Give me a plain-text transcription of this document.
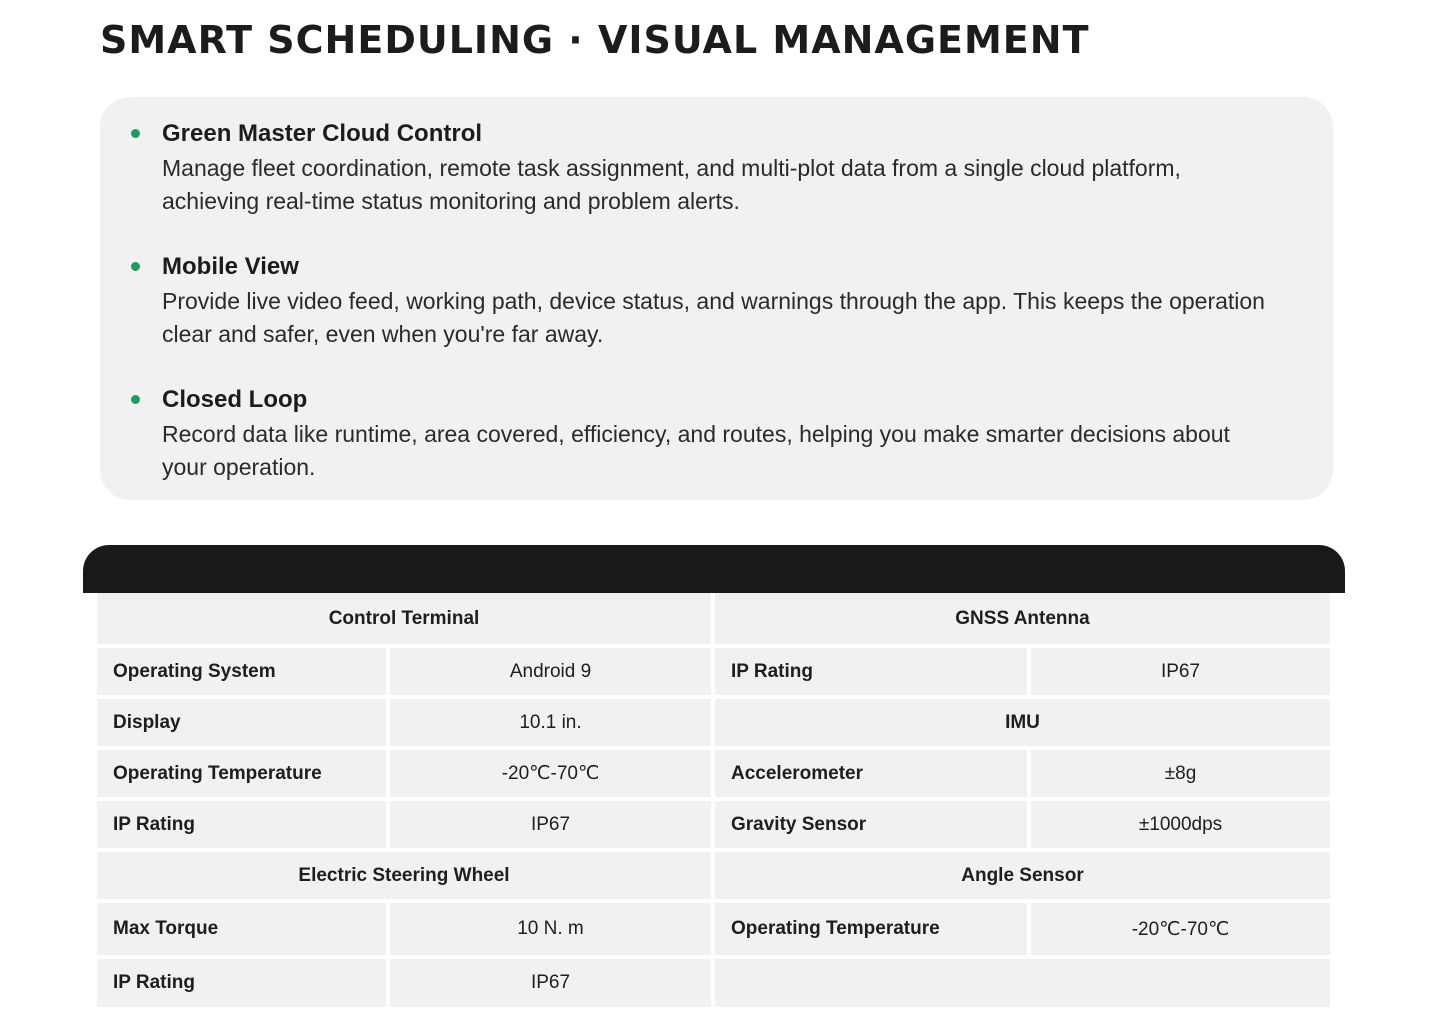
SMART SCHEDULING · VISUAL MANAGEMENT
Green Master Cloud Control
Manage fleet coordination, remote task assignment, and multi-plot data from a single cloud platform, achieving real-time status monitoring and problem alerts.
Mobile View
Provide live video feed, working path, device status, and warnings through the app. This keeps the operation clear and safer, even when you're far away.
Closed Loop
Record data like runtime, area covered, efficiency, and routes, helping you make smarter decisions about your operation.
Control Terminal
Operating System	Android 9
Display	10.1 in.
Operating Temperature	-20℃-70℃
IP Rating	IP67
Electric Steering Wheel
Max Torque	10 N. m
IP Rating	IP67
GNSS Antenna
IP Rating	IP67
IMU
Accelerometer	±8g
Gravity Sensor	±1000dps
Angle Sensor
Operating Temperature	-20℃-70℃
